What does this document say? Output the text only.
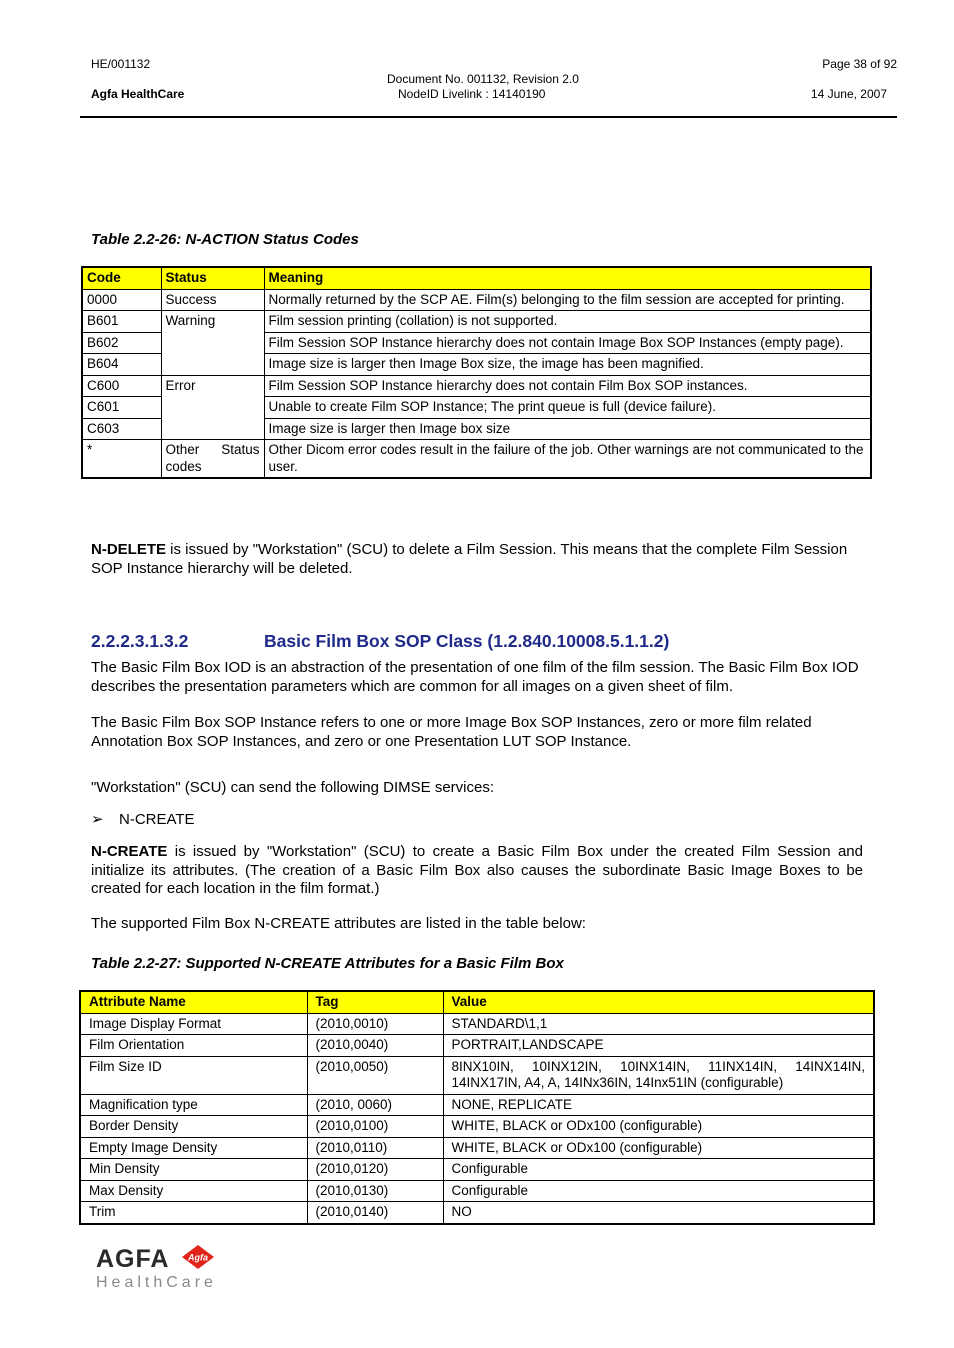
HE/001132
Agfa HealthCare
Document No. 001132, Revision 2.0
NodeID Livelink : 14140190
Page 38 of 92
14 June, 2007
Table 2.2-26: N-ACTION Status Codes
Code	Status	Meaning
0000	Success	Normally returned by the SCP AE. Film(s) belonging to the film session are accepted for printing.
B601	Warning	Film session printing (collation) is not supported.
B602		Film Session SOP Instance hierarchy does not contain Image Box SOP Instances (empty page).
B604		Image size is larger then Image Box size, the image has been magnified.
C600	Error	Film Session SOP Instance hierarchy does not contain Film Box SOP instances.
C601		Unable to create Film SOP Instance; The print queue is full (device failure).
C603		Image size is larger then Image box size
*	Other Status codes	Other Dicom error codes result in the failure of the job. Other warnings are not communicated to the user.
N-DELETE is issued by "Workstation" (SCU) to delete a Film Session. This means that the complete Film Session SOP Instance hierarchy will be deleted.
2.2.2.3.1.3.2	Basic Film Box SOP Class (1.2.840.10008.5.1.1.2)
The Basic Film Box IOD is an abstraction of the presentation of one film of the film session. The Basic Film Box IOD describes the presentation parameters which are common for all images on a given sheet of film.
The Basic Film Box SOP Instance refers to one or more Image Box SOP Instances, zero or more film related Annotation Box SOP Instances, and zero or one Presentation LUT SOP Instance.
"Workstation" (SCU) can send the following DIMSE services:
➢ N-CREATE
N-CREATE is issued by "Workstation" (SCU) to create a Basic Film Box under the created Film Session and initialize its attributes. (The creation of a Basic Film Box also causes the subordinate Basic Image Boxes to be created for each location in the film format.)
The supported Film Box N-CREATE attributes are listed in the table below:
Table 2.2-27: Supported N-CREATE Attributes for a Basic Film Box
Attribute Name	Tag	Value
Image Display Format	(2010,0010)	STANDARD\1,1
Film Orientation	(2010,0040)	PORTRAIT,LANDSCAPE
Film Size ID	(2010,0050)	8INX10IN, 10INX12IN, 10INX14IN, 11INX14IN, 14INX14IN, 14INX17IN, A4, A, 14INx36IN, 14Inx51IN (configurable)
Magnification type	(2010, 0060)	NONE, REPLICATE
Border Density	(2010,0100)	WHITE, BLACK or ODx100 (configurable)
Empty Image Density	(2010,0110)	WHITE, BLACK or ODx100 (configurable)
Min Density	(2010,0120)	Configurable
Max Density	(2010,0130)	Configurable
Trim	(2010,0140)	NO
AGFA Agfa
HealthCare
